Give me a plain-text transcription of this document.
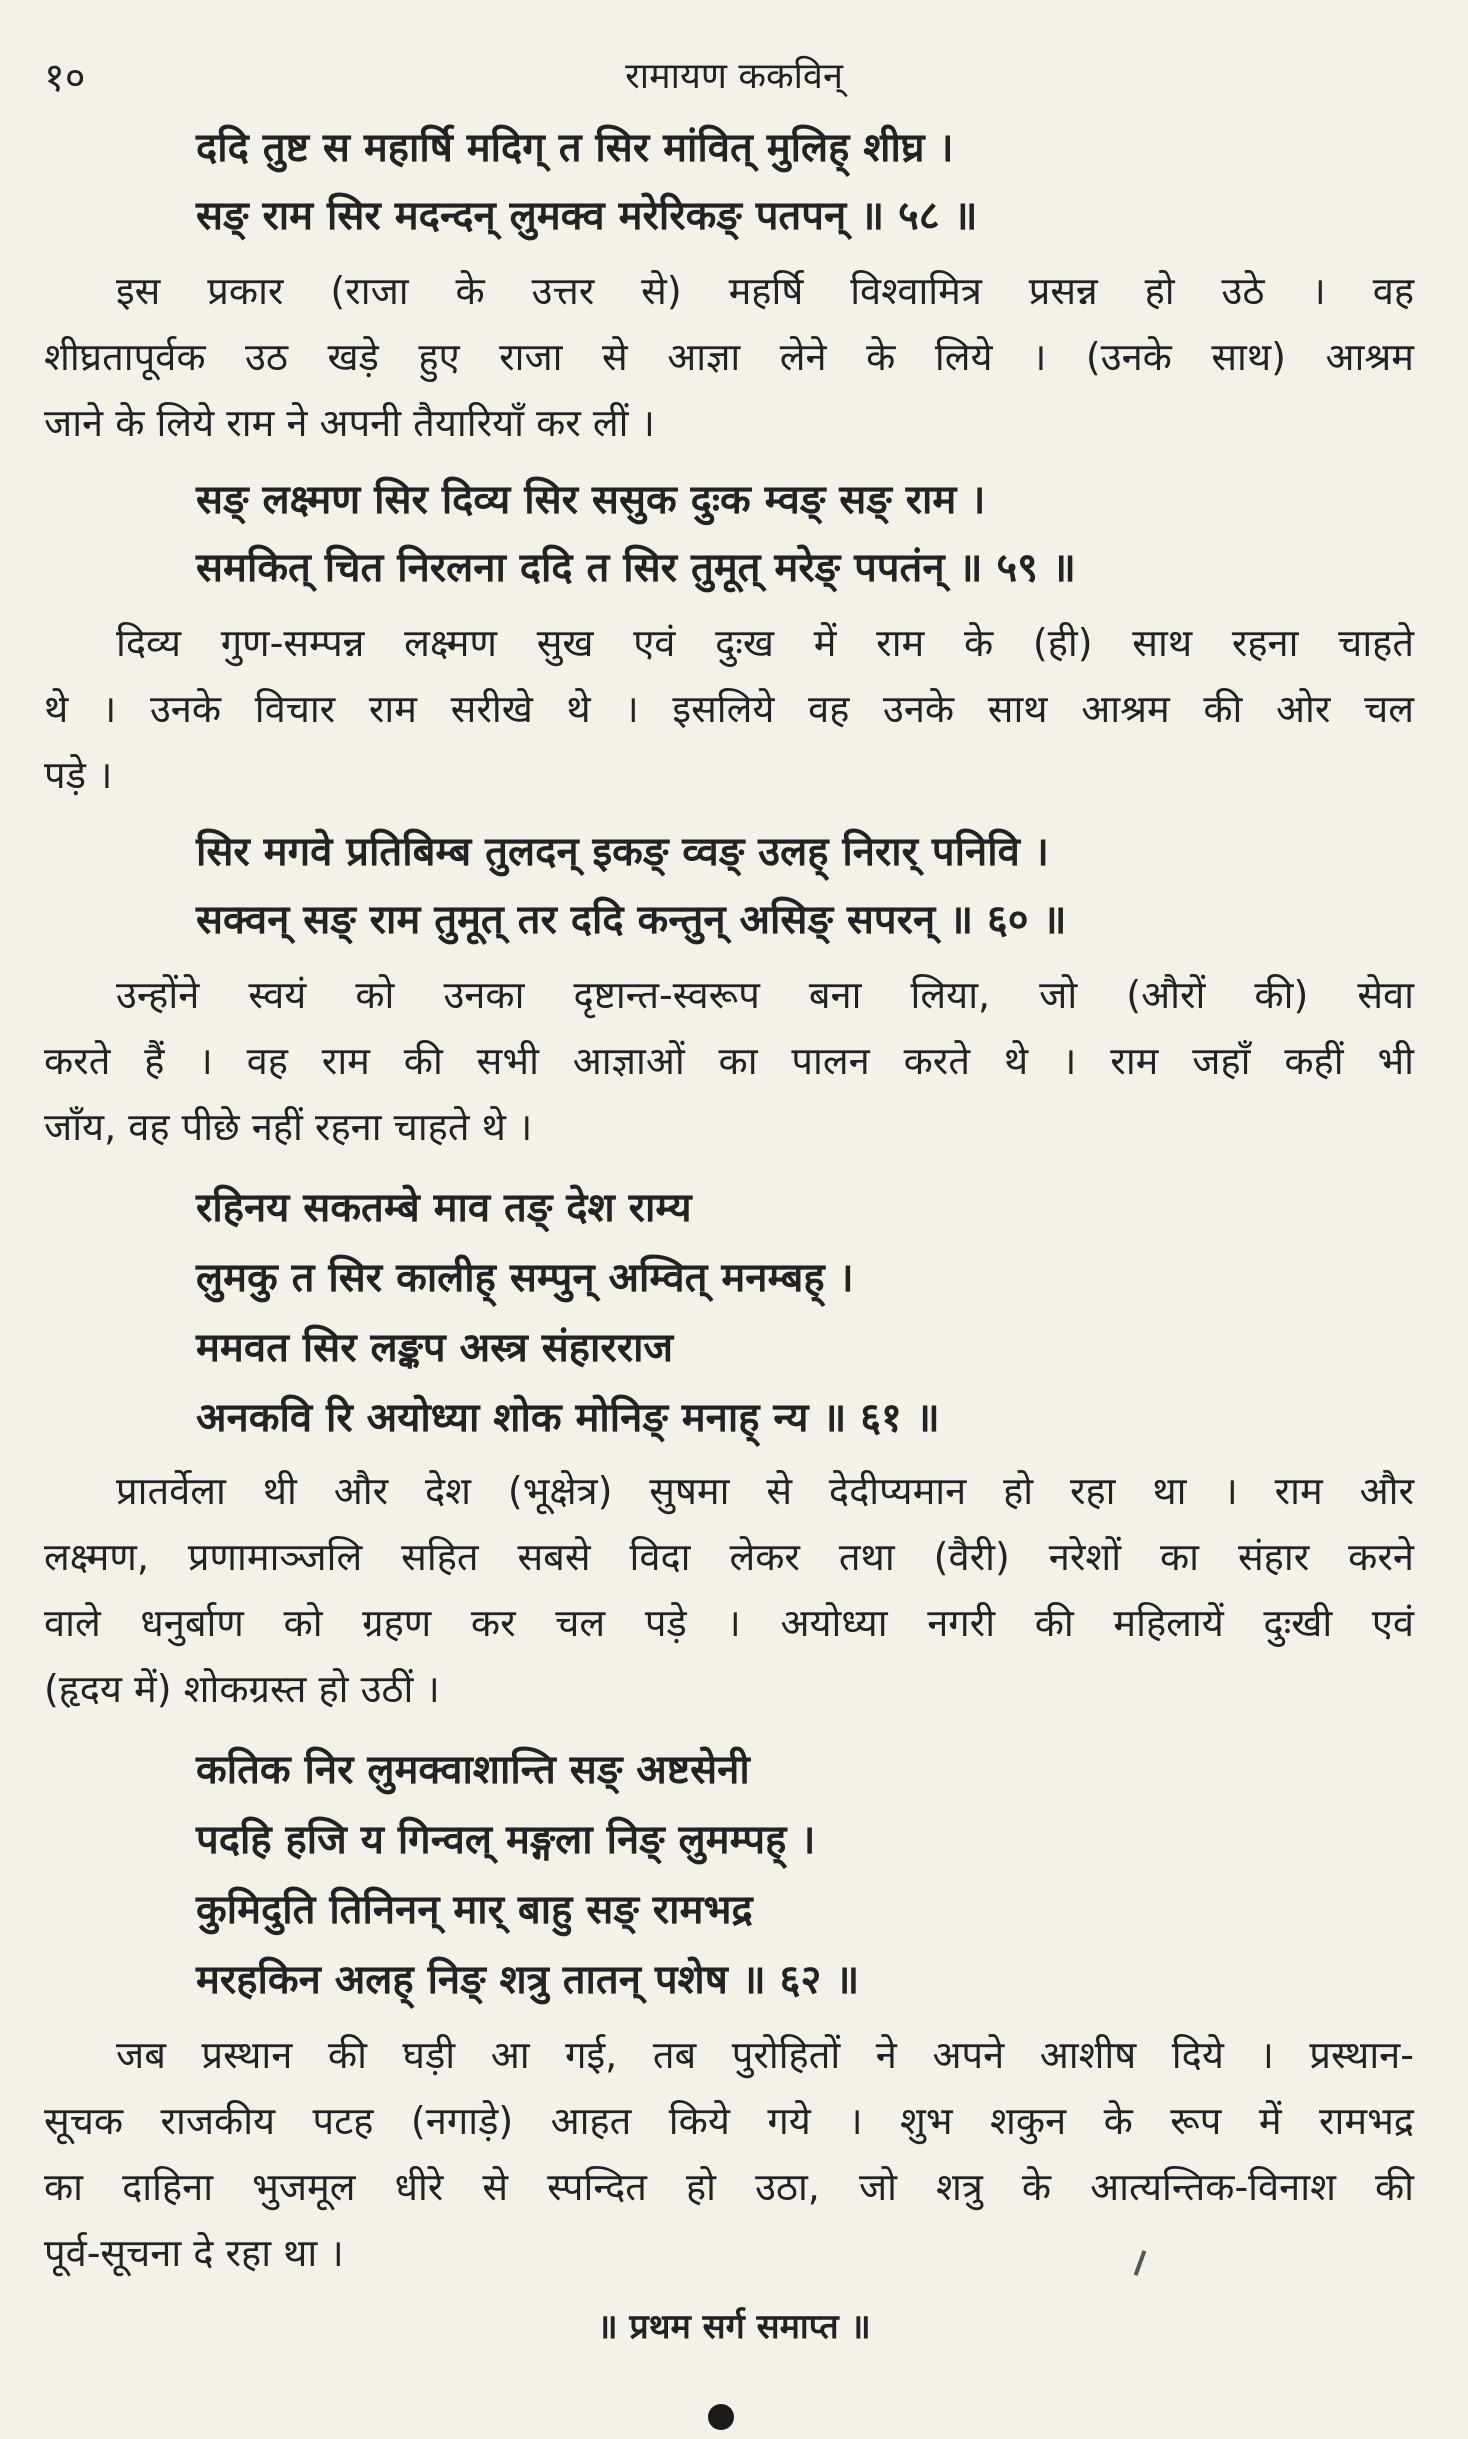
१०	रामायण ककविन्
ददि तुष्ट स महार्षि मदिग् त सिर मांवित् मुलिह् शीघ्र ।
सङ् राम सिर मदन्दन् लुमक्व मरेरिकङ् पतपन् ॥ ५८ ॥
इस प्रकार (राजा के उत्तर से) महर्षि विश्वामित्र प्रसन्न हो उठे । वह
शीघ्रतापूर्वक उठ खड़े हुए राजा से आज्ञा लेने के लिये । (उनके साथ) आश्रम
जाने के लिये राम ने अपनी तैयारियाँ कर लीं ।
सङ् लक्ष्मण सिर दिव्य सिर ससुक दुःक म्वङ् सङ् राम ।
समकित् चित निरलना ददि त सिर तुमूत् मरेङ् पपतंन् ॥ ५९ ॥
दिव्य गुण-सम्पन्न लक्ष्मण सुख एवं दुःख में राम के (ही) साथ रहना चाहते
थे । उनके विचार राम सरीखे थे । इसलिये वह उनके साथ आश्रम की ओर चल
पड़े ।
सिर मगवे प्रतिबिम्ब तुलदन् इकङ् व्वङ् उलह् निरार् पनिवि ।
सक्वन् सङ् राम तुमूत् तर ददि कन्तुन् असिङ् सपरन् ॥ ६० ॥
उन्होंने स्वयं को उनका दृष्टान्त-स्वरूप बना लिया, जो (औरों की) सेवा
करते हैं । वह राम की सभी आज्ञाओं का पालन करते थे । राम जहाँ कहीं भी
जाँय, वह पीछे नहीं रहना चाहते थे ।
रहिनय सकतम्बे माव तङ् देश राम्य
लुमकु त सिर कालीह् सम्पुन् अम्वित् मनम्बह् ।
ममवत सिर लङ्कप अस्त्र संहारराज
अनकवि रि अयोध्या शोक मोनिङ् मनाह् न्य ॥ ६१ ॥
प्रातर्वेला थी और देश (भूक्षेत्र) सुषमा से देदीप्यमान हो रहा था । राम और
लक्ष्मण, प्रणामाञ्जलि सहित सबसे विदा लेकर तथा (वैरी) नरेशों का संहार करने
वाले धनुर्बाण को ग्रहण कर चल पड़े । अयोध्या नगरी की महिलायें दुःखी एवं
(हृदय में) शोकग्रस्त हो उठीं ।
कतिक निर लुमक्वाशान्ति सङ् अष्टसेनी
पदहि हजि य गिन्वल् मङ्गला निङ् लुमम्पह् ।
कुमिदुति तिनिनन् मार् बाहु सङ् रामभद्र
मरहकिन अलह् निङ् शत्रु तातन् पशेष ॥ ६२ ॥
जब प्रस्थान की घड़ी आ गई, तब पुरोहितों ने अपने आशीष दिये । प्रस्थान-
सूचक राजकीय पटह (नगाड़े) आहत किये गये । शुभ शकुन के रूप में रामभद्र
का दाहिना भुजमूल धीरे से स्पन्दित हो उठा, जो शत्रु के आत्यन्तिक-विनाश की
पूर्व-सूचना दे रहा था ।
॥ प्रथम सर्ग समाप्त ॥
